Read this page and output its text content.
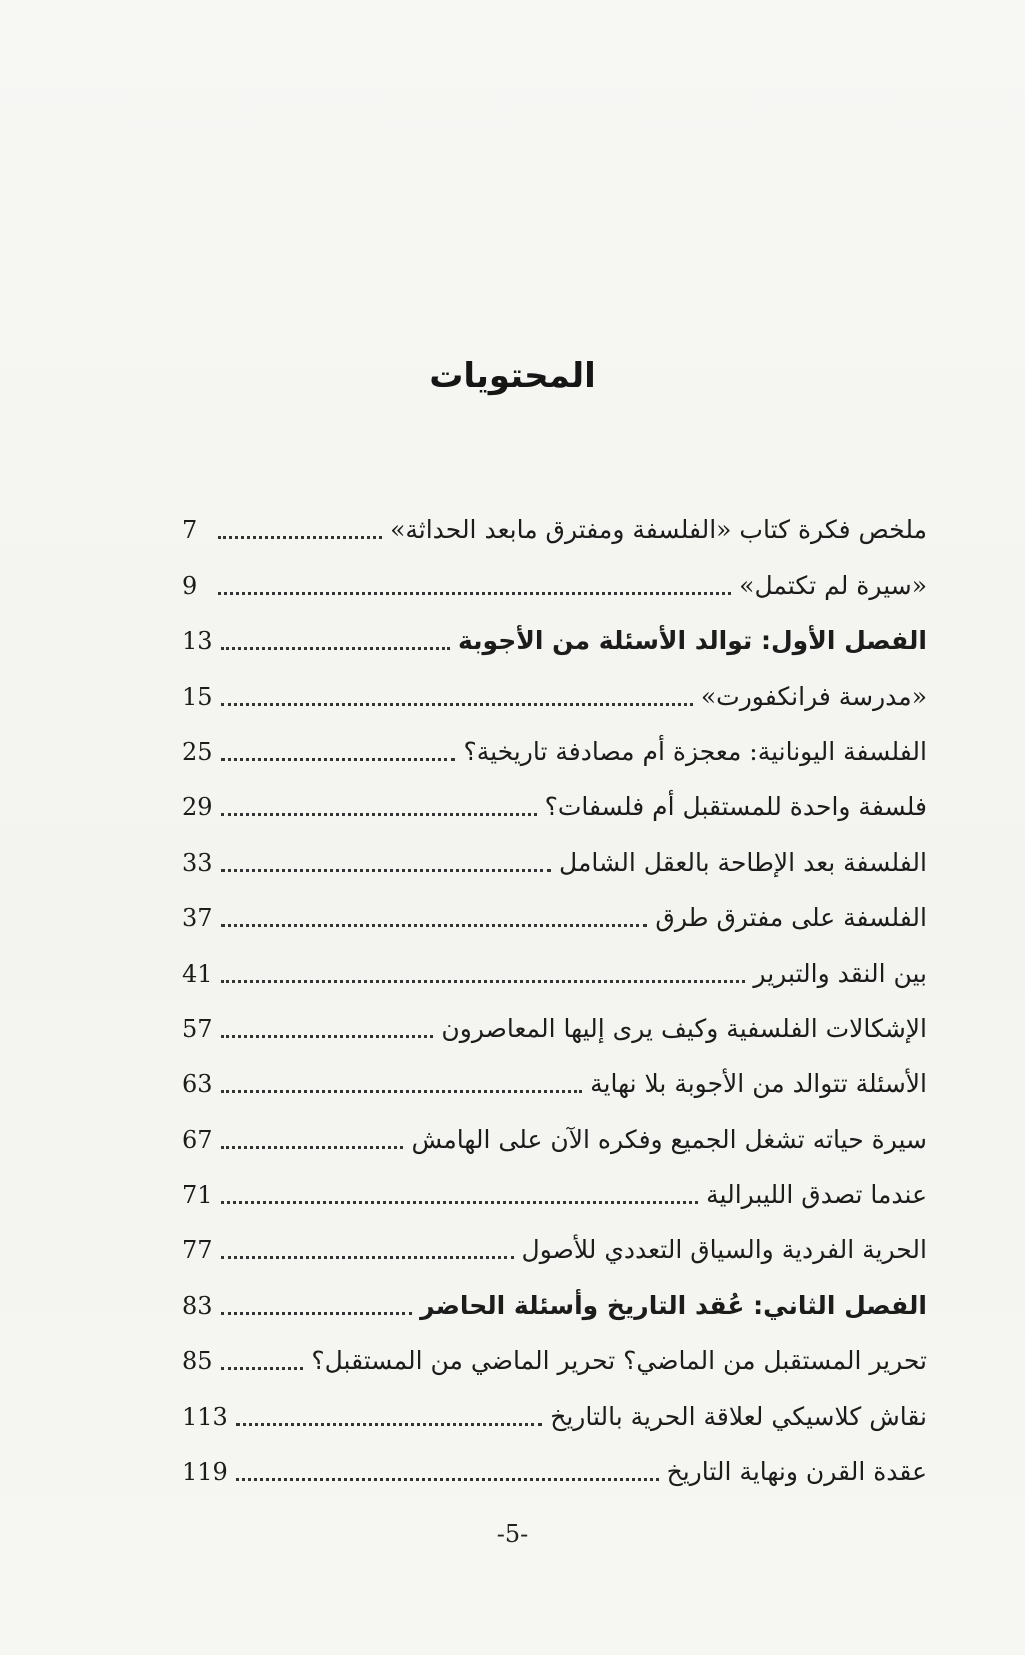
المحتويات
ملخص فكرة كتاب «الفلسفة ومفترق مابعد الحداثة»
7
«سيرة لم تكتمل»
9
الفصل الأول: توالد الأسئلة من الأجوبة
13
«مدرسة فرانكفورت»
15
الفلسفة اليونانية: معجزة أم مصادفة تاريخية؟
25
فلسفة واحدة للمستقبل أم فلسفات؟
29
الفلسفة بعد الإطاحة بالعقل الشامل
33
الفلسفة على مفترق طرق
37
بين النقد والتبرير
41
الإشكالات الفلسفية وكيف يرى إليها المعاصرون
57
الأسئلة تتوالد من الأجوبة بلا نهاية
63
سيرة حياته تشغل الجميع وفكره الآن على الهامش
67
عندما تصدق الليبرالية
71
الحرية الفردية والسياق التعددي للأصول
77
الفصل الثاني: عُقد التاريخ وأسئلة الحاضر
83
تحرير المستقبل من الماضي؟ تحرير الماضي من المستقبل؟
85
نقاش كلاسيكي لعلاقة الحرية بالتاريخ
113
عقدة القرن ونهاية التاريخ
119
-5-
